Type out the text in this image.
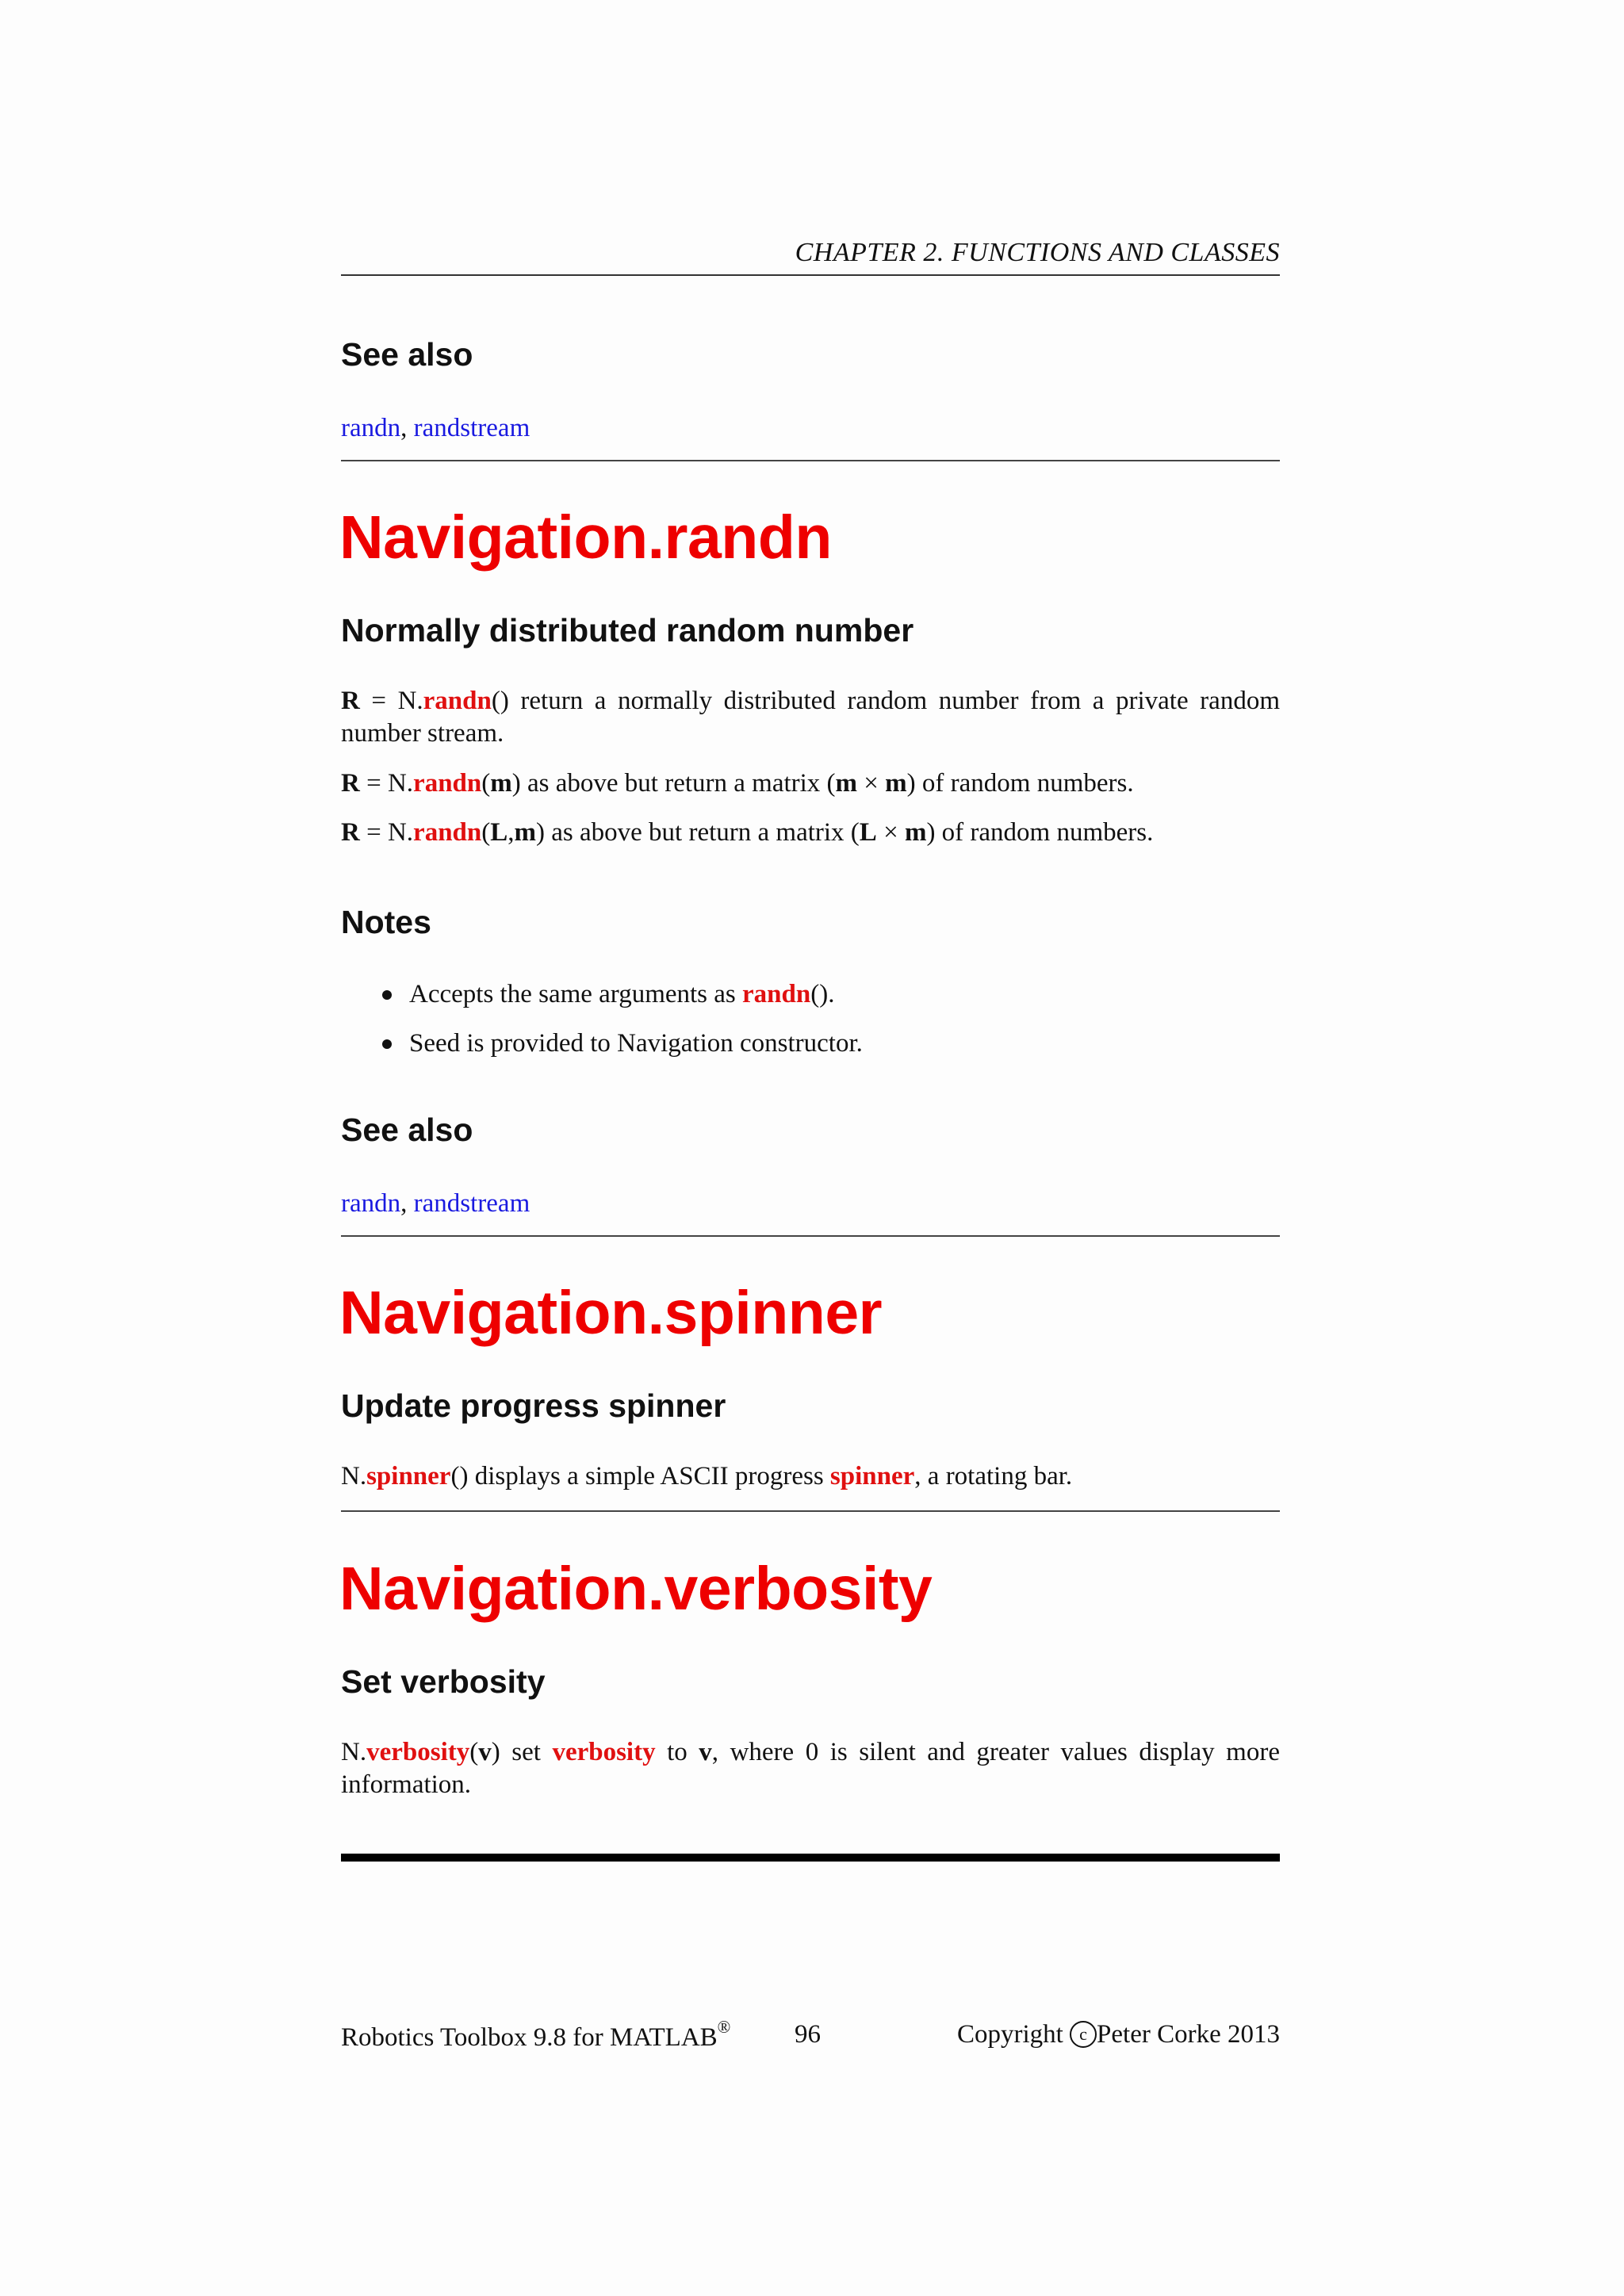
CHAPTER 2. FUNCTIONS AND CLASSES
See also
randn, randstream
Navigation.randn
Normally distributed random number
R = N.randn() return a normally distributed random number from a private random number stream.
R = N.randn(m) as above but return a matrix (m × m) of random numbers.
R = N.randn(L,m) as above but return a matrix (L × m) of random numbers.
Notes
Accepts the same arguments as randn().
Seed is provided to Navigation constructor.
See also
randn, randstream
Navigation.spinner
Update progress spinner
N.spinner() displays a simple ASCII progress spinner, a rotating bar.
Navigation.verbosity
Set verbosity
N.verbosity(v) set verbosity to v, where 0 is silent and greater values display more information.
Robotics Toolbox 9.8 for MATLAB® 96	Copyright c Peter Corke 2013
